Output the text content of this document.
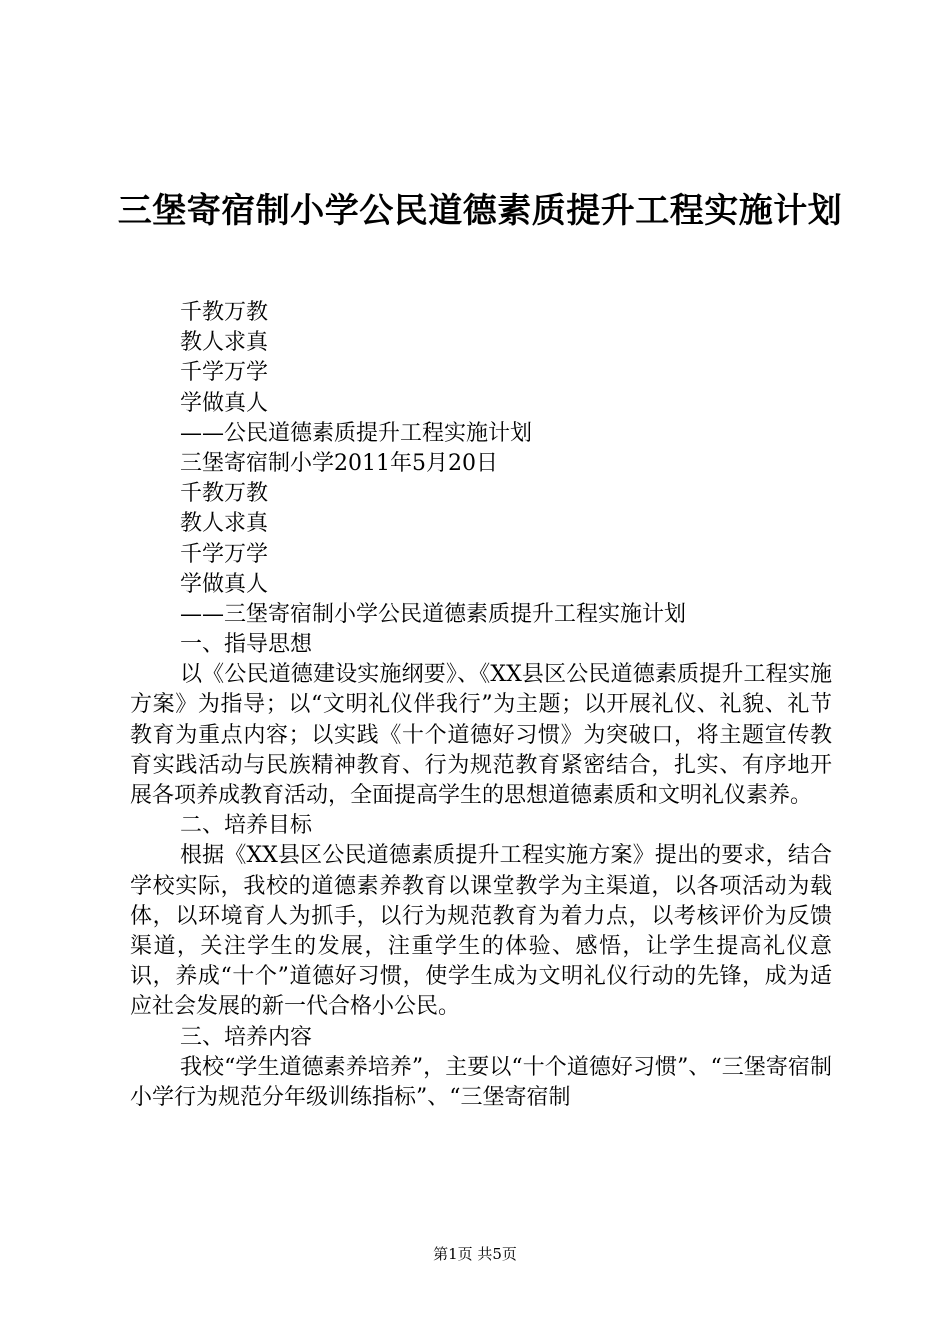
三堡寄宿制小学公民道德素质提升工程实施计划
千教万教
教人求真
千学万学
学做真人
——公民道德素质提升工程实施计划
三堡寄宿制小学2011年5月20日
千教万教
教人求真
千学万学
学做真人
——三堡寄宿制小学公民道德素质提升工程实施计划
一、指导思想

以《公民道德建设实施纲要》、《XX县区公民道德素质提升工程实施方案》为指导；以“文明礼仪伴我行”为主题；以开展礼仪、礼貌、礼节教育为重点内容；以实践《十个道德好习惯》为突破口，将主题宣传教育实践活动与民族精神教育、行为规范教育紧密结合，扎实、有序地开展各项养成教育活动，全面提高学生的思想道德素质和文明礼仪素养。

二、培养目标

根据《XX县区公民道德素质提升工程实施方案》提出的要求，结合学校实际，我校的道德素养教育以课堂教学为主渠道，以各项活动为载体，以环境育人为抓手，以行为规范教育为着力点，以考核评价为反馈渠道，关注学生的发展，注重学生的体验、感悟，让学生提高礼仪意识，养成“十个”道德好习惯，使学生成为文明礼仪行动的先锋，成为适应社会发展的新一代合格小公民。

三、培养内容

我校“学生道德素养培养”，主要以“十个道德好习惯”、“三堡寄宿制小学行为规范分年级训练指标”、“三堡寄宿制

第1页 共5页
